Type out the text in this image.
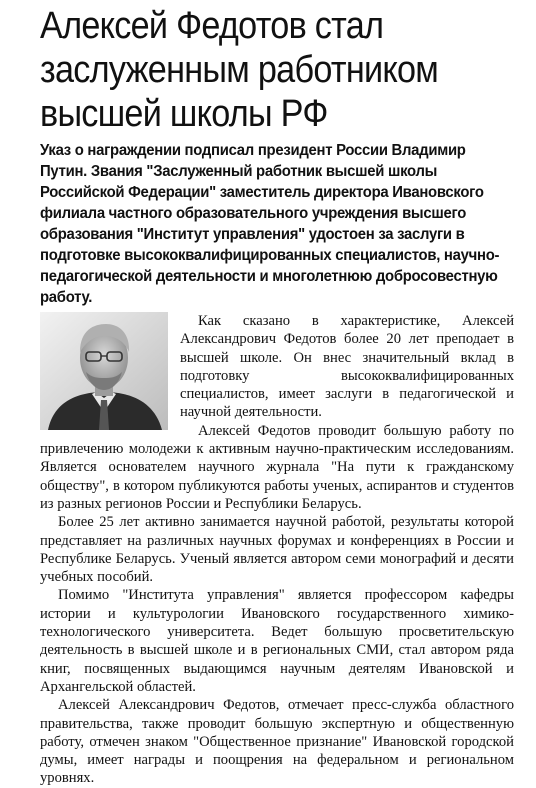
Алексей Федотов стал заслуженным работником высшей школы РФ
Указ о награждении подписал президент России Владимир Путин. Звания "Заслуженный работник высшей школы Российской Федерации" заместитель директора Ивановского филиала частного образовательного учреждения высшего образования "Институт управления" удостоен за заслуги в подготовке высококвалифицированных специалистов, научно-педагогической деятельности и многолетнюю добросовестную работу.

Как сказано в характеристике, Алексей Александрович Федотов более 20 лет преподает в высшей школе. Он внес значительный вклад в подготовку высококвалифицированных специалистов, имеет заслуги в педагогической и научной деятельности.

Алексей Федотов проводит большую работу по привлечению молодежи к активным научно-практическим исследованиям. Является основателем научного журнала "На пути к гражданскому обществу", в котором публикуются работы ученых, аспирантов и студентов из разных регионов России и Республики Беларусь.

Более 25 лет активно занимается научной работой, результаты которой представляет на различных научных форумах и конференциях в России и Республике Беларусь. Ученый является автором семи монографий и десяти учебных пособий.

Помимо "Института управления" является профессором кафедры истории и культурологии Ивановского государственного химико-технологического университета. Ведет большую просветительскую деятельность в высшей школе и в региональных СМИ, стал автором ряда книг, посвященных выдающимся научным деятелям Ивановской и Архангельской областей.

Алексей Александрович Федотов, отмечает пресс-служба областного правительства, также проводит большую экспертную и общественную работу, отмечен знаком "Общественное признание" Ивановской городской думы, имеет награды и поощрения на федеральном и региональном уровнях.
